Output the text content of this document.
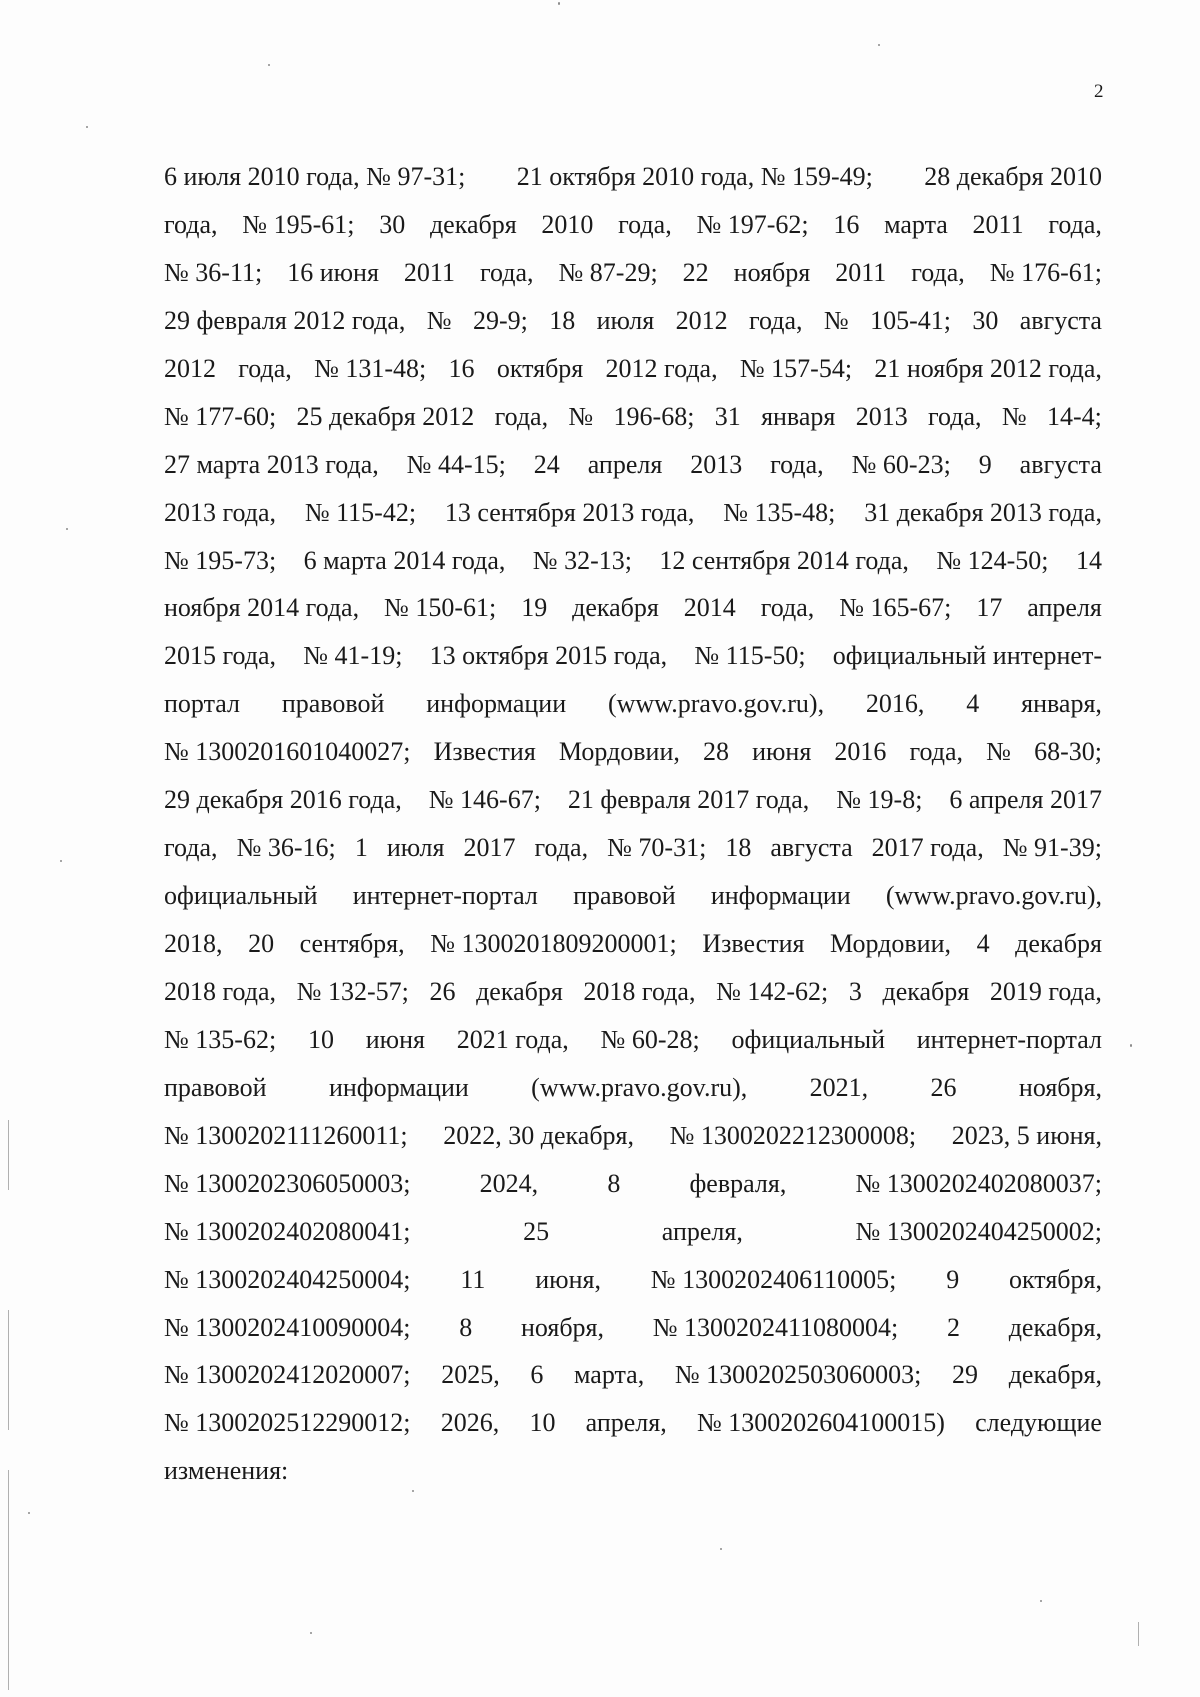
2
6 июля 2010 года, № 97-31; 21 октября 2010 года, № 159-49; 28 декабря 2010
года, № 195-61; 30 декабря 2010 года, № 197-62; 16 марта 2011 года,
№ 36-11; 16 июня 2011 года, № 87-29; 22 ноября 2011 года, № 176-61;
29 февраля 2012 года, № 29-9; 18 июля 2012 года, № 105-41; 30 августа
2012 года, № 131-48; 16 октября 2012 года, № 157-54; 21 ноября 2012 года,
№ 177-60; 25 декабря 2012 года, № 196-68; 31 января 2013 года, № 14-4;
27 марта 2013 года, № 44-15; 24 апреля 2013 года, № 60-23; 9 августа
2013 года, № 115-42; 13 сентября 2013 года, № 135-48; 31 декабря 2013 года,
№ 195-73; 6 марта 2014 года, № 32-13; 12 сентября 2014 года, № 124-50; 14
ноября 2014 года, № 150-61; 19 декабря 2014 года, № 165-67; 17 апреля
2015 года, № 41-19; 13 октября 2015 года, № 115-50; официальный интернет-
портал правовой информации (www.pravo.gov.ru), 2016, 4 января,
№ 1300201601040027; Известия Мордовии, 28 июня 2016 года, № 68-30;
29 декабря 2016 года, № 146-67; 21 февраля 2017 года, № 19-8; 6 апреля 2017
года, № 36-16; 1 июля 2017 года, № 70-31; 18 августа 2017 года, № 91-39;
официальный интернет-портал правовой информации (www.pravo.gov.ru),
2018, 20 сентября, № 1300201809200001; Известия Мордовии, 4 декабря
2018 года, № 132-57; 26 декабря 2018 года, № 142-62; 3 декабря 2019 года,
№ 135-62; 10 июня 2021 года, № 60-28; официальный интернет-портал
правовой информации (www.pravo.gov.ru), 2021, 26 ноября,
№ 1300202111260011; 2022, 30 декабря, № 1300202212300008; 2023, 5 июня,
№ 1300202306050003;	2024,	8	февраля,	№ 1300202402080037;
№ 1300202402080041;	25	апреля,	№ 1300202404250002;
№ 1300202404250004; 11 июня, № 1300202406110005; 9 октября,
№ 1300202410090004; 8 ноября, № 1300202411080004; 2 декабря,
№ 1300202412020007; 2025, 6 марта, № 1300202503060003; 29 декабря,
№ 1300202512290012; 2026, 10 апреля, № 1300202604100015) следующие
изменения:
